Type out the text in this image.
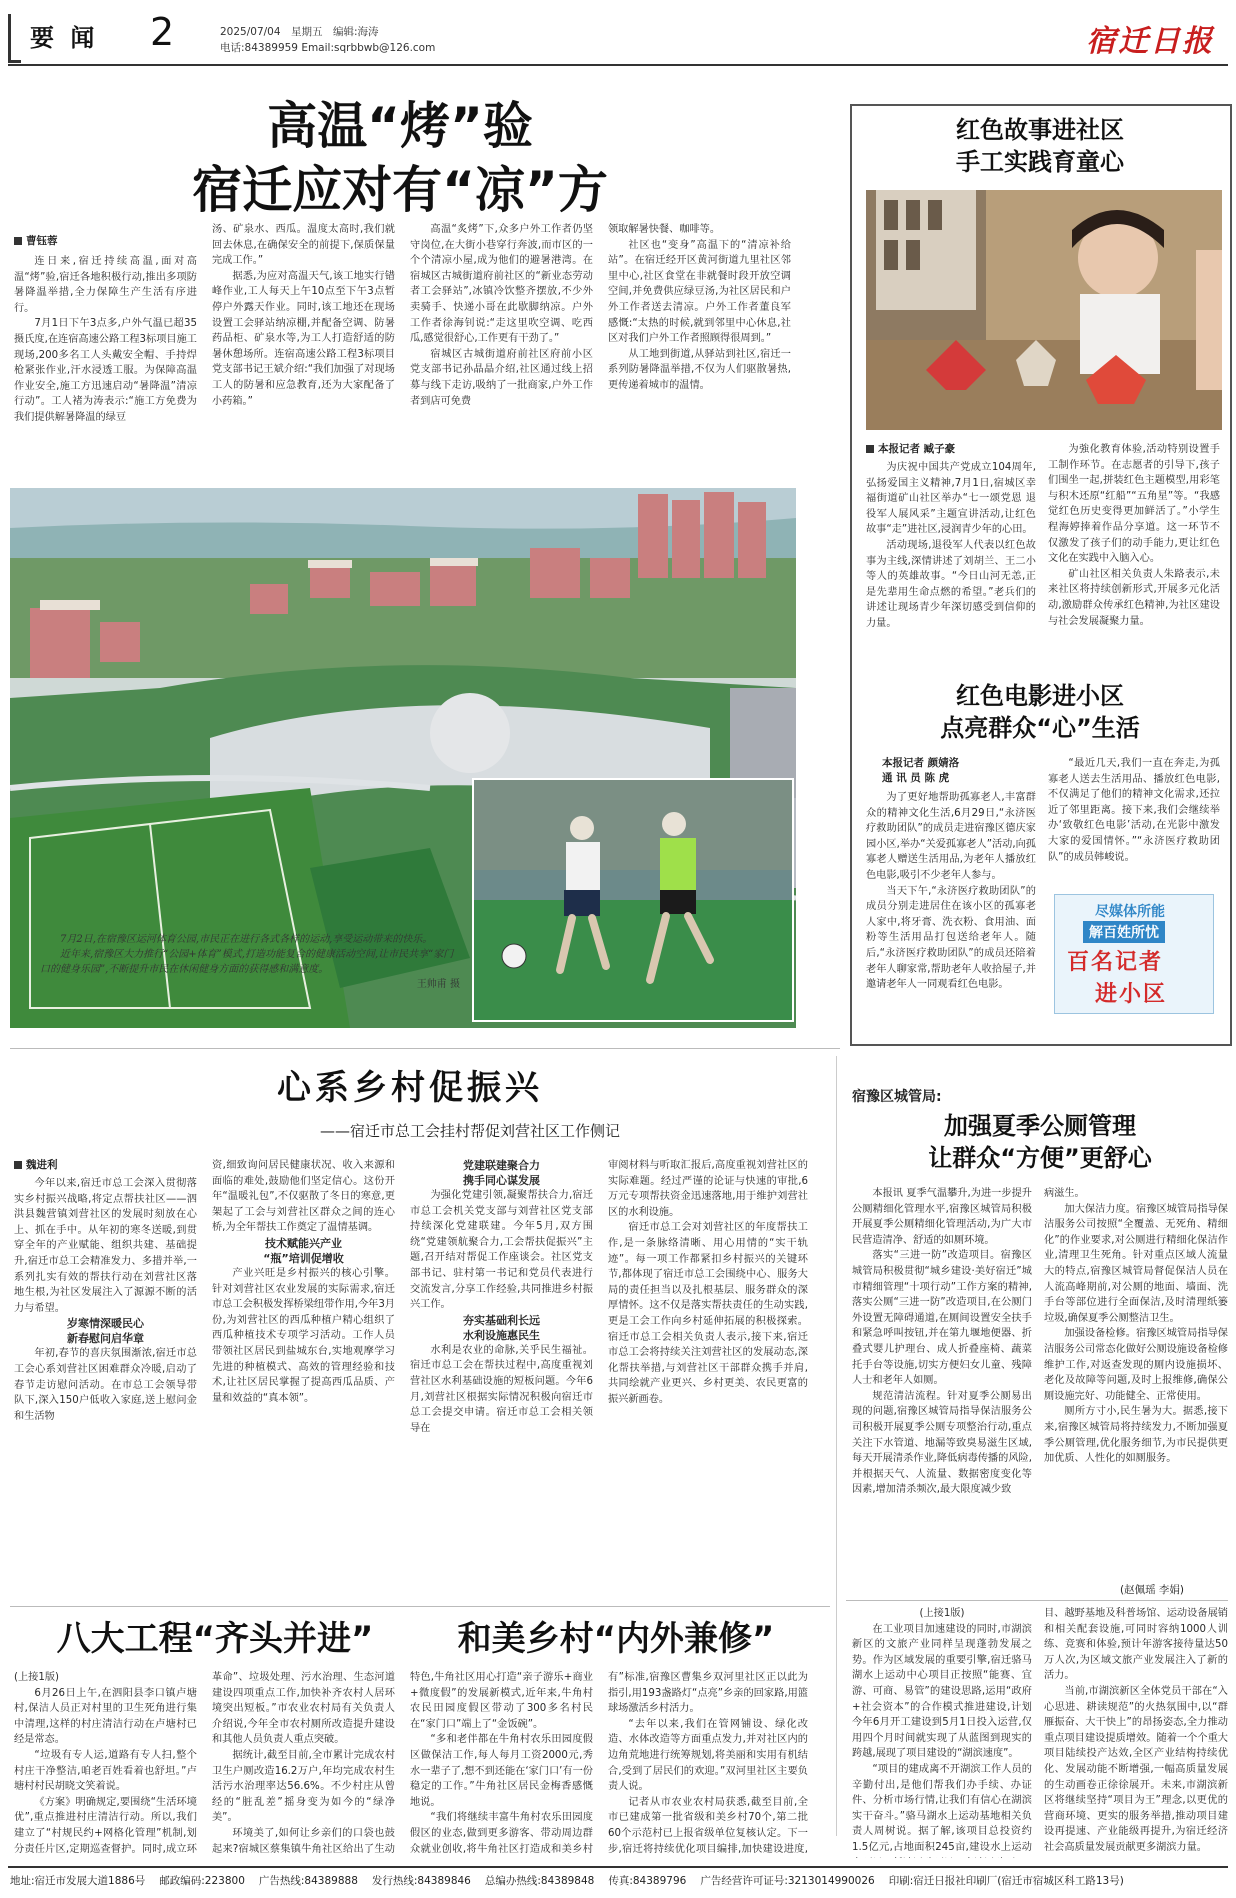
要 闻 2	2025/07/04　星期五　编辑:海涛
电话:84389959 Email:sqrbbwb@126.com	宿迁日报
高温“烤”验
宿迁应对有“凉”方
曹钰蓉

连日来,宿迁持续高温,面对高温“烤”验,宿迁各地积极行动,推出多项防暑降温举措,全力保障生产生活有序进行。

7月1日下午3点多,户外气温已超35摄氏度,在连宿高速公路工程3标项目施工现场,200多名工人头戴安全帽、手持焊枪紧张作业,汗水浸透工服。为保障高温作业安全,施工方迅速启动“暑降温”清凉行动”。工人褚为涛表示:“施工方免费为我们提供解暑降温的绿豆

汤、矿泉水、西瓜。温度太高时,我们就回去休息,在确保安全的前提下,保质保量完成工作。”

据悉,为应对高温天气,该工地实行错峰作业,工人每天上午10点至下午3点暂停户外露天作业。同时,该工地还在现场设置工会驿站纳凉棚,并配备空调、防暑药品柜、矿泉水等,为工人打造舒适的防暑休憩场所。连宿高速公路工程3标项目党支部书记王斌介绍:“我们加强了对现场工人的防暑和应急教育,还为大家配备了小药箱。”

高温“炙烤”下,众多户外工作者仍坚守岗位,在大街小巷穿行奔波,而市区的一个个清凉小屋,成为他们的避暑港湾。在宿城区古城街道府前社区的“新业态劳动者工会驿站”,冰镇冷饮整齐摆放,不少外卖骑手、快递小哥在此歇脚纳凉。户外工作者徐海钊说:“走这里吹空调、吃西瓜,感觉很舒心,工作更有干劲了。”

宿城区古城街道府前社区府前小区党支部书记孙晶晶介绍,社区通过线上招募与线下走访,吸纳了一批商家,户外工作者到店可免费

领取解暑快餐、咖啡等。

社区也“变身”高温下的“清凉补给站”。在宿迁经开区黄河街道九里社区邻里中心,社区食堂在非就餐时段开放空调空间,并免费供应绿豆汤,为社区居民和户外工作者送去清凉。户外工作者董良军感慨:“太热的时候,就到邻里中心休息,社区对我们户外工作者照顾得很周到。”

从工地到街道,从驿站到社区,宿迁一系列防暑降温举措,不仅为人们驱散暑热,更传递着城市的温情。

7月2日,在宿豫区运河体育公园,市民正在进行各式各样的运动,享受运动带来的快乐。
近年来,宿豫区大力推行“公园+体育”模式,打造功能复合的健康活动空间,让市民共享“家门口的健身乐园”,不断提升市民在休闲健身方面的获得感和满意度。
王帅甫 摄
红色故事进社区
手工实践育童心
本报记者 臧子豪

为庆祝中国共产党成立104周年,弘扬爱国主义精神,7月1日,宿城区幸福街道矿山社区举办“七一颂党恩 退役军人展风采”主题宣讲活动,让红色故事“走”进社区,浸润青少年的心田。

活动现场,退役军人代表以红色故事为主线,深情讲述了刘胡兰、王二小等人的英雄故事。“今日山河无恙,正是先辈用生命点燃的希望。”老兵们的讲述让现场青少年深切感受到信仰的力量。

为強化教育体验,活动特别设置手工制作环节。在志愿者的引导下,孩子们围坐一起,拼装红色主题模型,用彩笔与积木还原“红船”“五角星”等。“我感觉红色历史变得更加鲜活了。”小学生程海婷捧着作品分享道。这一环节不仅激发了孩子们的动手能力,更让红色文化在实践中入脑入心。

矿山社区相关负责人朱路表示,未来社区将持续创新形式,开展多元化活动,激励群众传承红色精神,为社区建设与社会发展凝聚力量。

红色电影进小区
点亮群众“心”生活
本报记者 颜婧洛
通 讯 员 陈 虎

为了更好地帮助孤寡老人,丰富群众的精神文化生活,6月29日,“永济医疗救助团队”的成员走进宿豫区德庆家园小区,举办“关爱孤寡老人”活动,向孤寡老人赠送生活用品,为老年人播放红色电影,吸引不少老年人参与。

当天下午,“永济医疗救助团队”的成员分别走进居住在该小区的孤寡老人家中,将牙膏、洗衣粉、食用油、面粉等生活用品打包送给老年人。随后,“永济医疗救助团队”的成员还陪着老年人聊家常,帮助老年人收拾屋子,并邀请老年人一同观看红色电影。

“最近几天,我们一直在奔走,为孤寡老人送去生活用品、播放红色电影,不仅满足了他们的精神文化需求,还拉近了邻里距离。接下来,我们会继续举办‘致敬红色电影’活动,在光影中激发大家的爱国情怀。”“永济医疗救助团队”的成员韩峻说。

尽媒体所能
解百姓所忧
百名记者
进小区
心系乡村促振兴
——宿迁市总工会挂村帮促刘营社区工作侧记
魏进利

今年以来,宿迁市总工会深入贯彻落实乡村振兴战略,将定点帮扶社区——泗洪县魏营镇刘营社区的发展时刻放在心上、抓在手中。从年初的寒冬送暖,到贯穿全年的产业赋能、组织共建、基础提升,宿迁市总工会精准发力、多措并举,一系列扎实有效的帮扶行动在刘营社区落地生根,为社区发展注入了源源不断的活力与希望。

岁寒情深暖民心
新春慰问启华章

年初,春节的喜庆氛围渐浓,宿迁市总工会心系刘营社区困难群众冷暖,启动了春节走访慰问活动。在市总工会领导带队下,深入150户低收入家庭,送上慰问金和生活物

资,细致询问居民健康状况、收入来源和面临的难处,鼓励他们坚定信心。这份开年“温暖礼包”,不仅驱散了冬日的寒意,更架起了工会与刘营社区群众之间的连心桥,为全年帮扶工作奠定了温情基调。

技术赋能兴产业
“瓶”培训促增收

产业兴旺是乡村振兴的核心引擎。针对刘营社区农业发展的实际需求,宿迁市总工会积极发挥桥梁纽带作用,今年3月份,为刘营社区的西瓜种植户精心组织了西瓜种植技术专项学习活动。工作人员带领社区居民到盐城东台,实地观摩学习先进的种植模式、高效的管理经验和技术,让社区居民掌握了提高西瓜品质、产量和效益的“真本领”。

党建联建聚合力
携手同心谋发展

为强化党建引领,凝聚帮扶合力,宿迁市总工会机关党支部与刘营社区党支部持续深化党建联建。今年5月,双方围绕“党建领航聚合力,工会帮扶促振兴”主题,召开结对帮促工作座谈会。社区党支部书记、驻村第一书记和党员代表进行交流发言,分享工作经验,共同推进乡村振兴工作。

夯实基础利长远
水利设施惠民生

水利是农业的命脉,关乎民生福祉。宿迁市总工会在帮扶过程中,高度重视刘营社区水利基础设施的短板问题。今年6月,刘营社区根据实际情况积极向宿迁市总工会提交申请。宿迁市总工会相关领导在

审阅材料与听取汇报后,高度重视刘营社区的实际难题。经过严谨的论证与快速的审批,6万元专项帮扶资金迅速落地,用于维护刘营社区的水利设施。

宿迁市总工会对刘营社区的年度帮扶工作,是一条脉络清晰、用心用情的“实干轨迹”。每一项工作都紧扣乡村振兴的关键环节,都体现了宿迁市总工会围绕中心、服务大局的责任担当以及扎根基层、服务群众的深厚情怀。这不仅是落实帮扶责任的生动实践,更是工会工作向乡村延伸拓展的积极探索。宿迁市总工会相关负责人表示,接下来,宿迁市总工会将持续关注刘营社区的发展动态,深化帮扶举措,与刘营社区干部群众携手并肩,共同绘就产业更兴、乡村更美、农民更富的振兴新画卷。

宿豫区城管局:
加强夏季公厕管理
让群众“方便”更舒心

本报讯 夏季气温攀升,为进一步提升公厕精细化管理水平,宿豫区城管局积极开展夏季公厕精细化管理活动,为广大市民营造清净、舒适的如厕环境。

落实“三进一防”改造项目。宿豫区城管局积极贯彻“城乡建设·美好宿迁”城市精细管理“十项行动”工作方案的精神,落实公厕“三进一防”改造项目,在公厕门外设置无障碍通道,在厕间设置安全扶手和紧急呼叫按钮,并在第九堰地便器、折叠式婴儿护理台、成人折叠座椅、蔬菜托手台等设施,切实方便妇女儿童、残障人士和老年人如厕。

规范清洁流程。针对夏季公厕易出现的问题,宿豫区城管局指导保洁服务公司积极开展夏季公厕专项整治行动,重点关注下水管道、地漏等致臭易滋生区域,每天开展清杀作业,降低病毒传播的风险,并根据天气、人流量、数据密度变化等因素,增加清杀频次,最大限度减少致

病滋生。

加大保洁力度。宿豫区城管局指导保洁服务公司按照“全覆盖、无死角、精细化”的作业要求,对公厕进行精细化保洁作业,清理卫生死角。针对重点区域人流量大的特点,宿豫区城管局督促保洁人员在人流高峰期前,对公厕的地面、墙面、洗手台等部位进行全面保洁,及时清理纸篓垃圾,确保夏季公厕整洁卫生。

加强设备检修。宿豫区城管局指导保洁服务公司常态化做好公厕设施设备检修维护工作,对返查发现的厕内设施损坏、老化及故障等问题,及时上报维修,确保公厕设施完好、功能健全、正常使用。

厕所方寸小,民生暑为大。据悉,接下来,宿豫区城管局将持续发力,不断加强夏季公厕管理,优化服务细节,为市民提供更加优质、人性化的如厕服务。

(赵佩瑶 李娟)
八大工程“齐头并进”	和美乡村“内外兼修”

(上接1版)

6月26日上午,在泗阳县李口镇卢塘村,保洁人员正对村里的卫生死角进行集中清理,这样的村庄清洁行动在卢塘村已经是常态。

“垃圾有专人运,道路有专人扫,整个村庄干净整洁,咱老百姓看着也舒坦。”卢塘村村民胡晓文笑着说。

《方案》明确规定,要围绕“生活环境优”,重点推进村庄清洁行动。所以,我们建立了“村规民约+网格化管理”机制,划分责任片区,定期巡查督护。同时,成立环

革命”、垃圾处理、污水治理、生态河道建设四项重点工作,加快补齐农村人居环境突出短板。”市农业农村局有关负责人介绍说,今年全市农村厕所改造提升建设和其他人员负责人重点突破。

据统计,截至目前,全市累计完成农村卫生户厕改造16.2万户,年均完成农村生活污水治理率达56.6%。不少村庄从曾经的“脏乱差”摇身变为如今的“绿净美”。

环境美了,如何让乡亲们的口袋也鼓起来?宿城区蔡集镇牛角社区给出了生动

特色,牛角社区用心打造“亲子游乐+商业+微度假”的发展新模式,近年来,牛角村农民田园度假区带动了300多名村民在“家门口”端上了“金饭碗”。

“多和老伴都在牛角村农乐田园度假区做保洁工作,每人每月工资2000元,秀水一辈子了,想不到还能在‘家门口’有一份稳定的工作。”牛角社区居民金梅香感慨地说。

“我们将继续丰富牛角村农乐田园度假区的业态,做到更多游客、带动周边群众就业创收,将牛角社区打造成和美乡村

有”标准,宿豫区曹集乡双河里社区正以此为指引,用193盏路灯“点亮”乡亲的回家路,用篮球场激活乡村活力。

“去年以来,我们在管网铺设、绿化改造、水体改造等方面重点发力,并对社区内的边角荒地进行统筹规划,将美丽和实用有机结合,受到了居民们的欢迎。”双河里社区主要负责人说。

记者从市农业农村局获悉,截至目前,全市已建成第一批省级和美乡村70个,第二批60个示范村已上报省级单位复核认定。下一步,宿迁将持续优化项目编排,加快建设进度,

(上接1版)

在工业项目加速建设的同时,市湖滨新区的文旅产业同样呈现蓬勃发展之势。作为区域发展的重要引擎,宿迁骆马湖水上运动中心项目正按照“能赛、宜游、可商、易管”的建设思路,运用“政府+社会资本”的合作模式推进建设,计划今年6月开工建设到5月1日投入运营,仅用四个月时间就实现了从蓝图到现实的跨越,展现了项目建设的“湖滨速度”。

“项目的建成离不开湖滨工作人员的辛勤付出,是他们帮我们办手续、办证件、分析市场行情,让我们有信心在湖滨实干奋斗。”骆马湖水上运动基地相关负责人周树说。据了解,该项目总投资约1.5亿元,占地面积245亩,建设水上运动

目、越野基地及科普场馆、运动设备展销和相关配套设施,可同时容纳1000人训练、竞赛和体验,预计年游客接待量达50万人次,为区域文旅产业发展注入了新的活力。

当前,市湖滨新区全体党员干部在“入心思进、耕读规范”的火热氛围中,以“群雁振奋、大干快上”的昂扬姿态,全力推动重点项目建设提质增效。随着一个个重大项目陆续投产达效,全区产业结构持续优化、发展动能不断增强,一幅高质量发展的生动画卷正徐徐展开。未来,市湖滨新区将继续坚持“项目为王”理念,以更优的营商环境、更实的服务举措,推动项目建设再提速、产业能级再提升,为宿迁经济社会高质量发展贡献更多湖滨力量。

地址:宿迁市发展大道1886号 邮政编码:223800 广告热线:84389888 发行热线:84389846 总编办热线:84389848 传真:84389796 广告经营许可证号:3213014990026 印刷:宿迁日报社印刷厂(宿迁市宿城区科工路13号)
